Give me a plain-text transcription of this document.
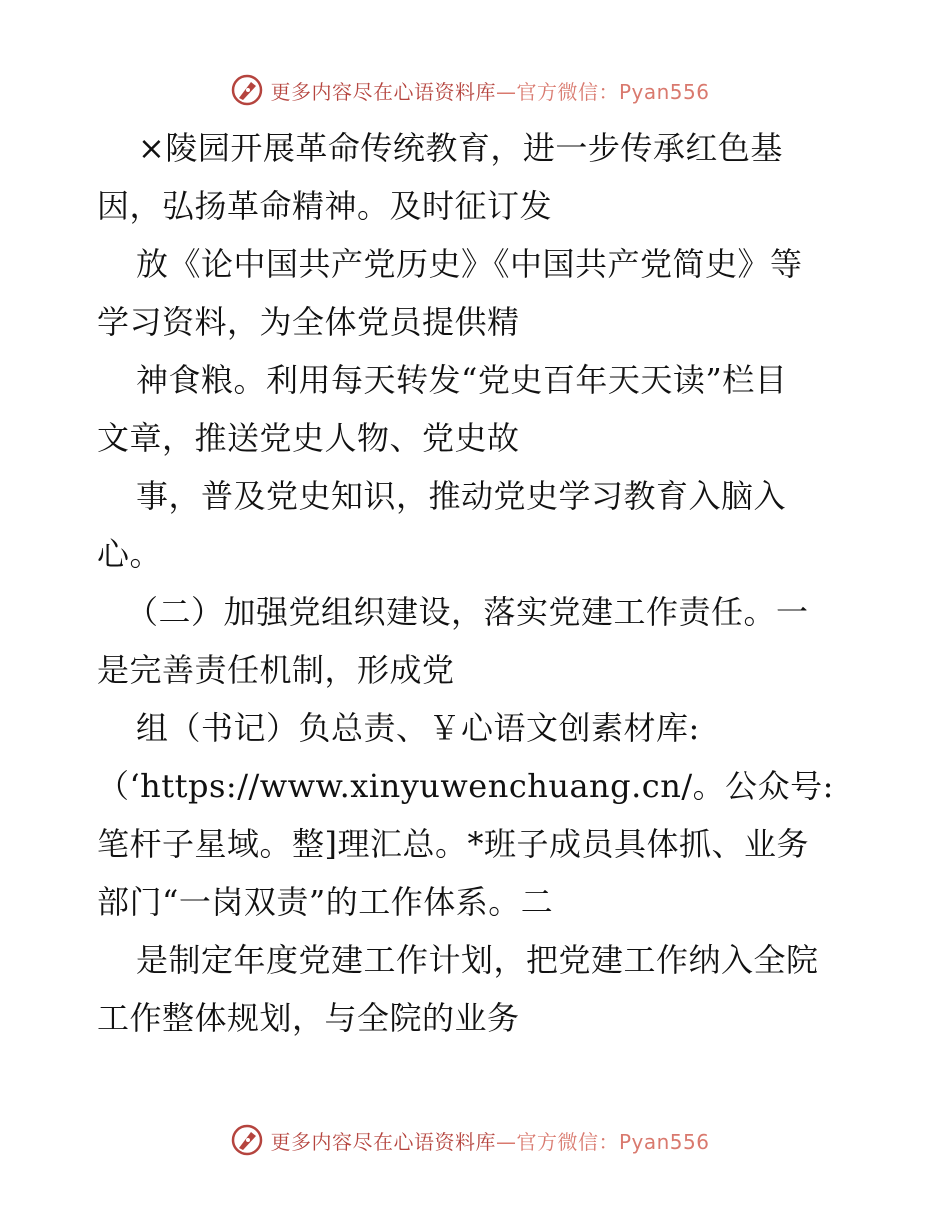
更多内容尽在心语资料库—官方微信：Pyan556
×陵园开展革命传统教育，进一步传承红色基
因，弘扬革命精神。及时征订发
放《论中国共产党历史》《中国共产党简史》等
学习资料，为全体党员提供精
神食粮。利用每天转发“党史百年天天读”栏目
文章，推送党史人物、党史故
事，普及党史知识，推动党史学习教育入脑入
心。
（二）加强党组织建设，落实党建工作责任。一
是完善责任机制，形成党
组（书记）负总责、￥心语文创素材库:
（‘https://www.xinyuwenchuang.cn/。公众号:
笔杆子星域。整]理汇总。*班子成员具体抓、业务
部门“一岗双责”的工作体系。二
是制定年度党建工作计划，把党建工作纳入全院
工作整体规划，与全院的业务
更多内容尽在心语资料库—官方微信：Pyan556
